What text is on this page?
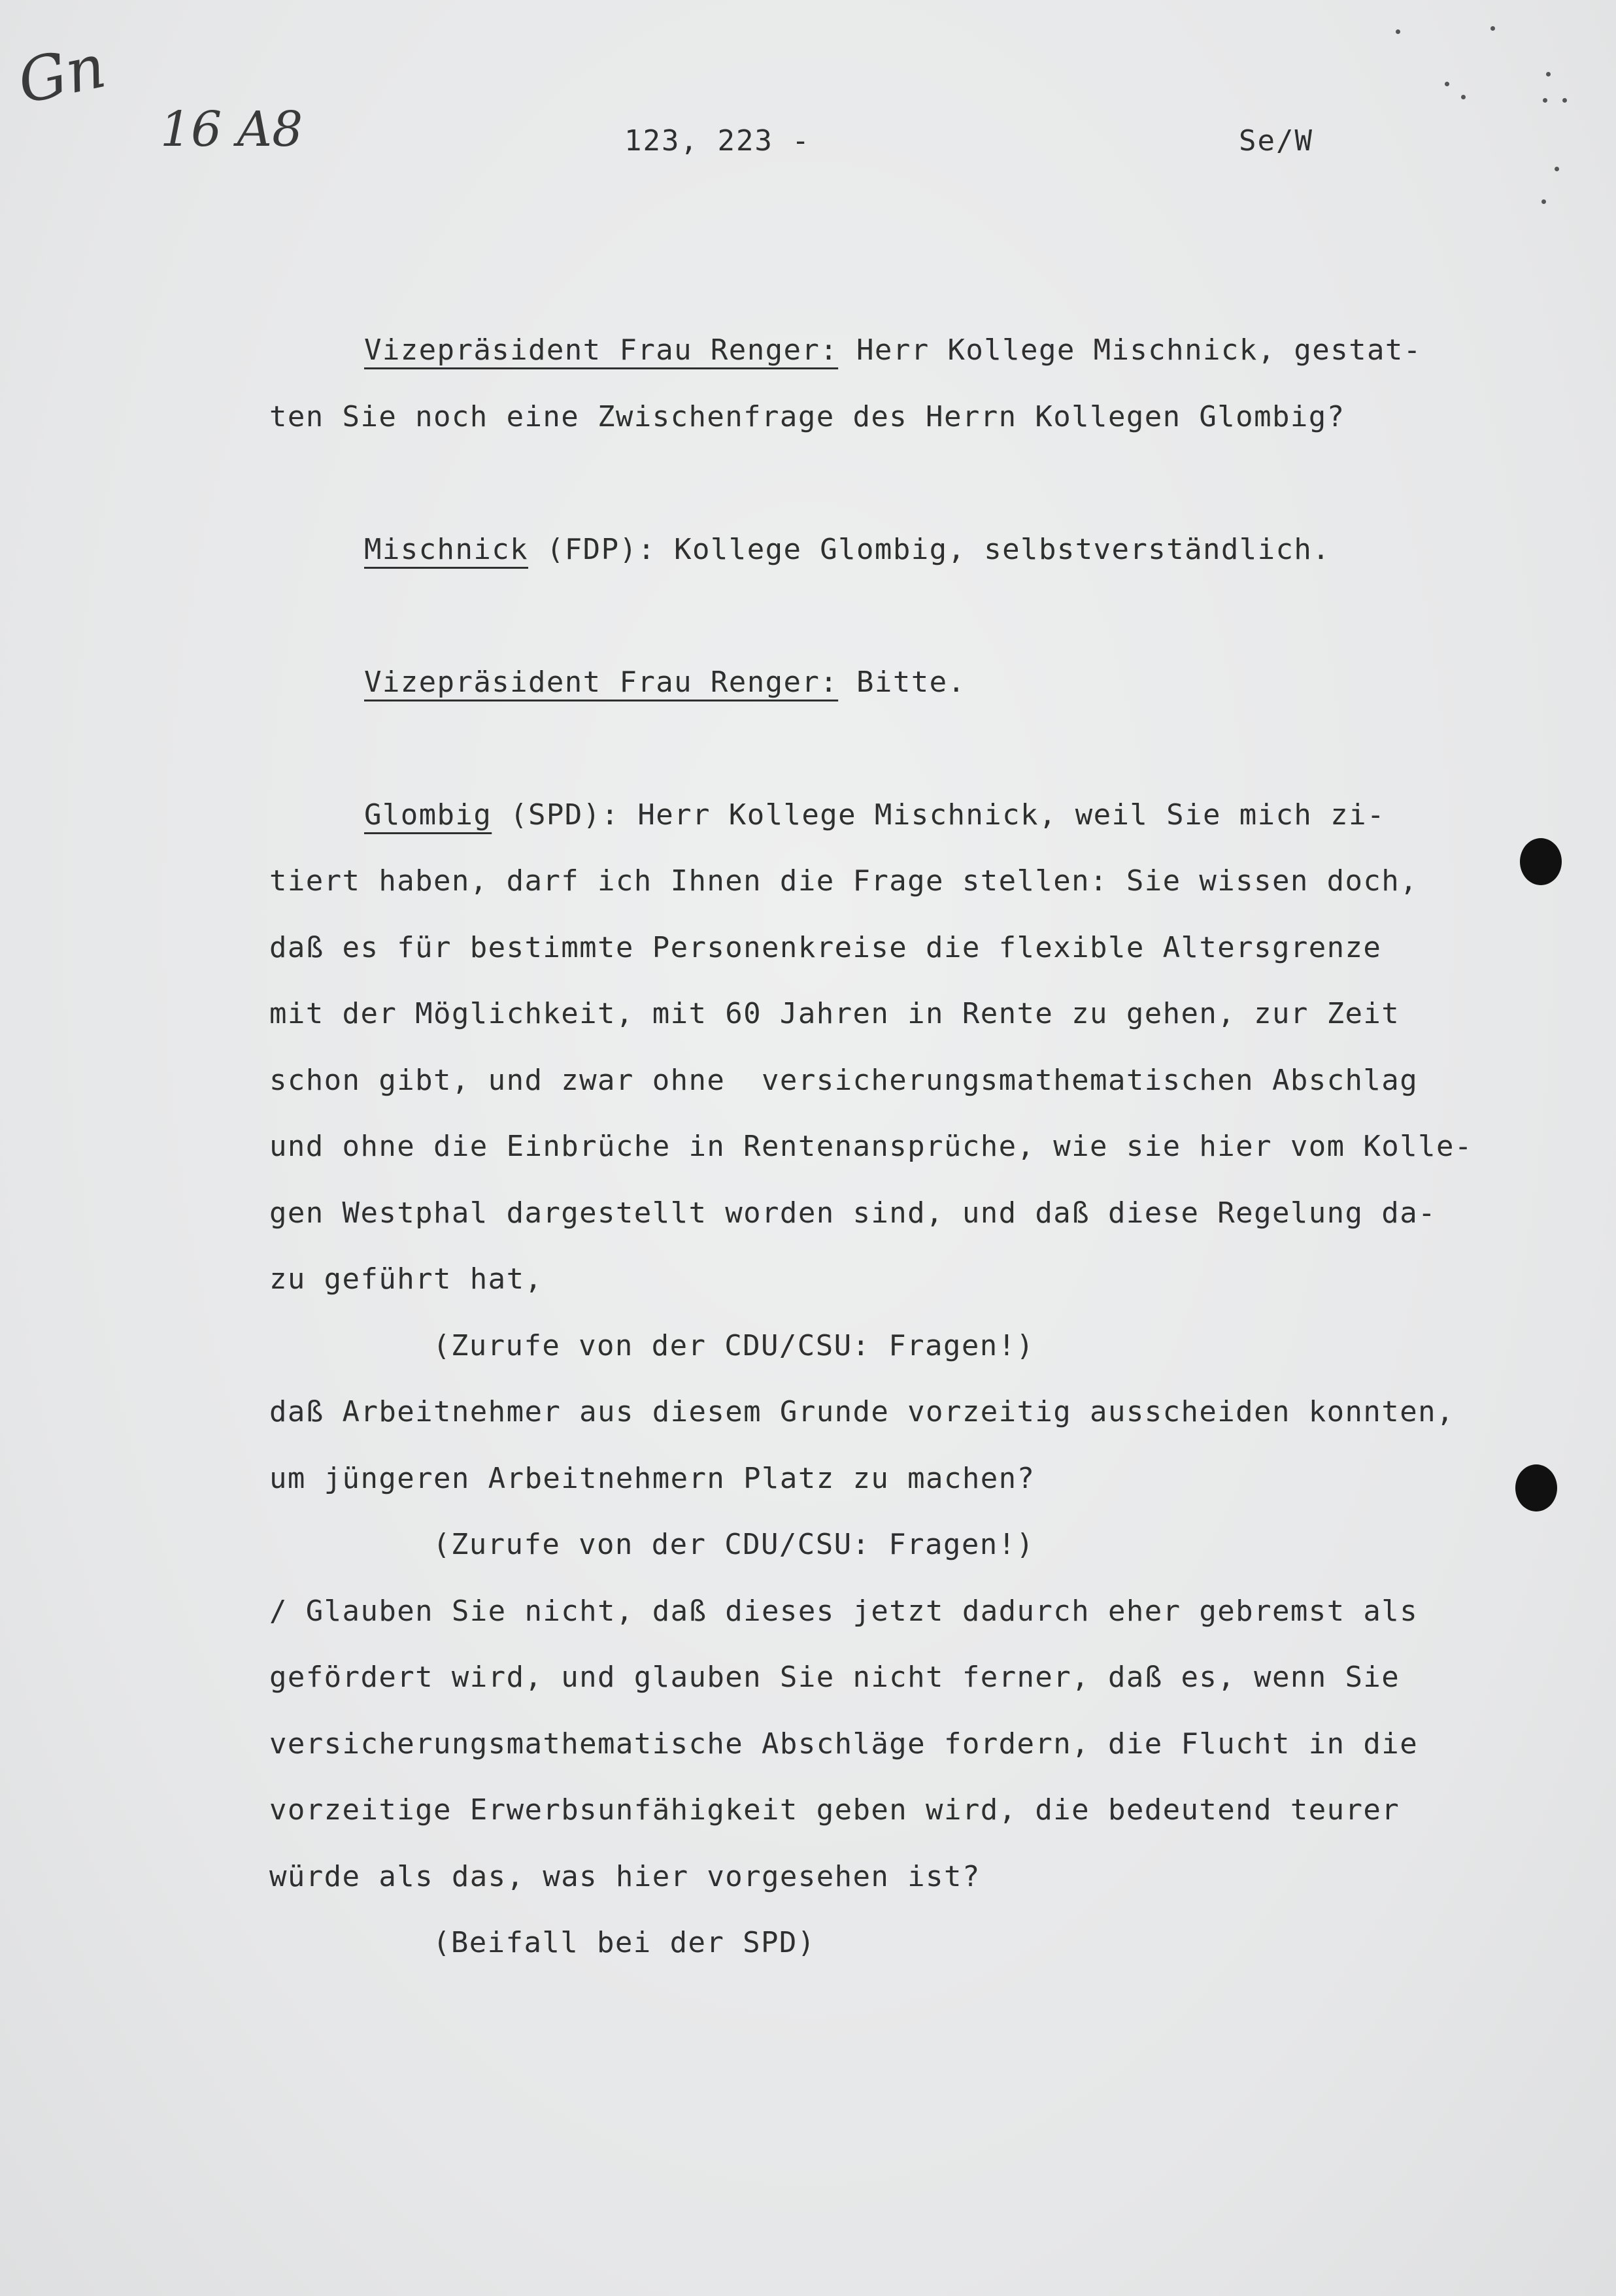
Gn
16 A8	123, 223 -	Se/W
Vizepräsident Frau Renger: Herr Kollege Mischnick, gestat-
ten Sie noch eine Zwischenfrage des Herrn Kollegen Glombig?
Mischnick (FDP): Kollege Glombig, selbstverständlich.
Vizepräsident Frau Renger: Bitte.
Glombig (SPD): Herr Kollege Mischnick, weil Sie mich zi-
tiert haben, darf ich Ihnen die Frage stellen: Sie wissen doch,
daß es für bestimmte Personenkreise die flexible Altersgrenze
mit der Möglichkeit, mit 60 Jahren in Rente zu gehen, zur Zeit
schon gibt, und zwar ohne  versicherungsmathematischen Abschlag
und ohne die Einbrüche in Rentenansprüche, wie sie hier vom Kolle-
gen Westphal dargestellt worden sind, und daß diese Regelung da-
zu geführt hat,
(Zurufe von der CDU/CSU: Fragen!)
daß Arbeitnehmer aus diesem Grunde vorzeitig ausscheiden konnten,
um jüngeren Arbeitnehmern Platz zu machen?
(Zurufe von der CDU/CSU: Fragen!)
/ Glauben Sie nicht, daß dieses jetzt dadurch eher gebremst als
gefördert wird, und glauben Sie nicht ferner, daß es, wenn Sie
versicherungsmathematische Abschläge fordern, die Flucht in die
vorzeitige Erwerbsunfähigkeit geben wird, die bedeutend teurer
würde als das, was hier vorgesehen ist?
(Beifall bei der SPD)
